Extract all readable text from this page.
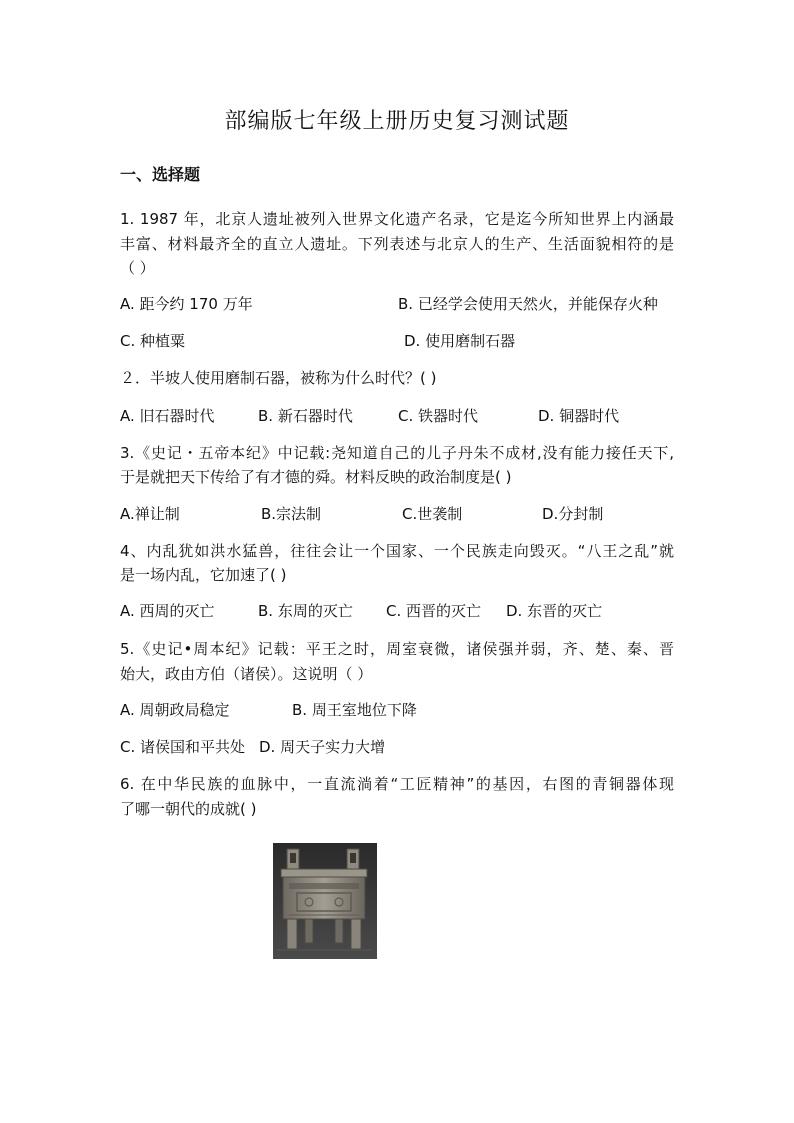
部编版七年级上册历史复习测试题
一、选择题
1. 1987 年，北京人遗址被列入世界文化遗产名录，它是迄今所知世界上内涵最
丰富、材料最齐全的直立人遗址。下列表述与北京人的生产、生活面貌相符的是
（ ）
A. 距今约 170 万年	B. 已经学会使用天然火，并能保存火种
C. 种植粟	D. 使用磨制石器
２．半坡人使用磨制石器，被称为什么时代？( )
A. 旧石器时代	B. 新石器时代	C. 铁器时代	D. 铜器时代
3.《史记・五帝本纪》中记载:尧知道自己的儿子丹朱不成材,没有能力接任天下,
于是就把天下传给了有才德的舜。材料反映的政治制度是( )
A.禅让制	B.宗法制	C.世袭制	D.分封制
4、内乱犹如洪水猛兽，往往会让一个国家、一个民族走向毁灭。“八王之乱”就
是一场内乱，它加速了( )
A. 西周的灭亡	B. 东周的灭亡 C. 西晋的灭亡 D. 东晋的灭亡
5.《史记•周本纪》记载：平王之时，周室衰微，诸侯强并弱，齐、楚、秦、晋
始大，政由方伯（诸侯）。这说明（ ）
A. 周朝政局稳定	B. 周王室地位下降
C. 诸侯国和平共处 D. 周天子实力大增
6. 在中华民族的血脉中，一直流淌着“工匠精神”的基因，右图的青铜器体现
了哪一朝代的成就( )
